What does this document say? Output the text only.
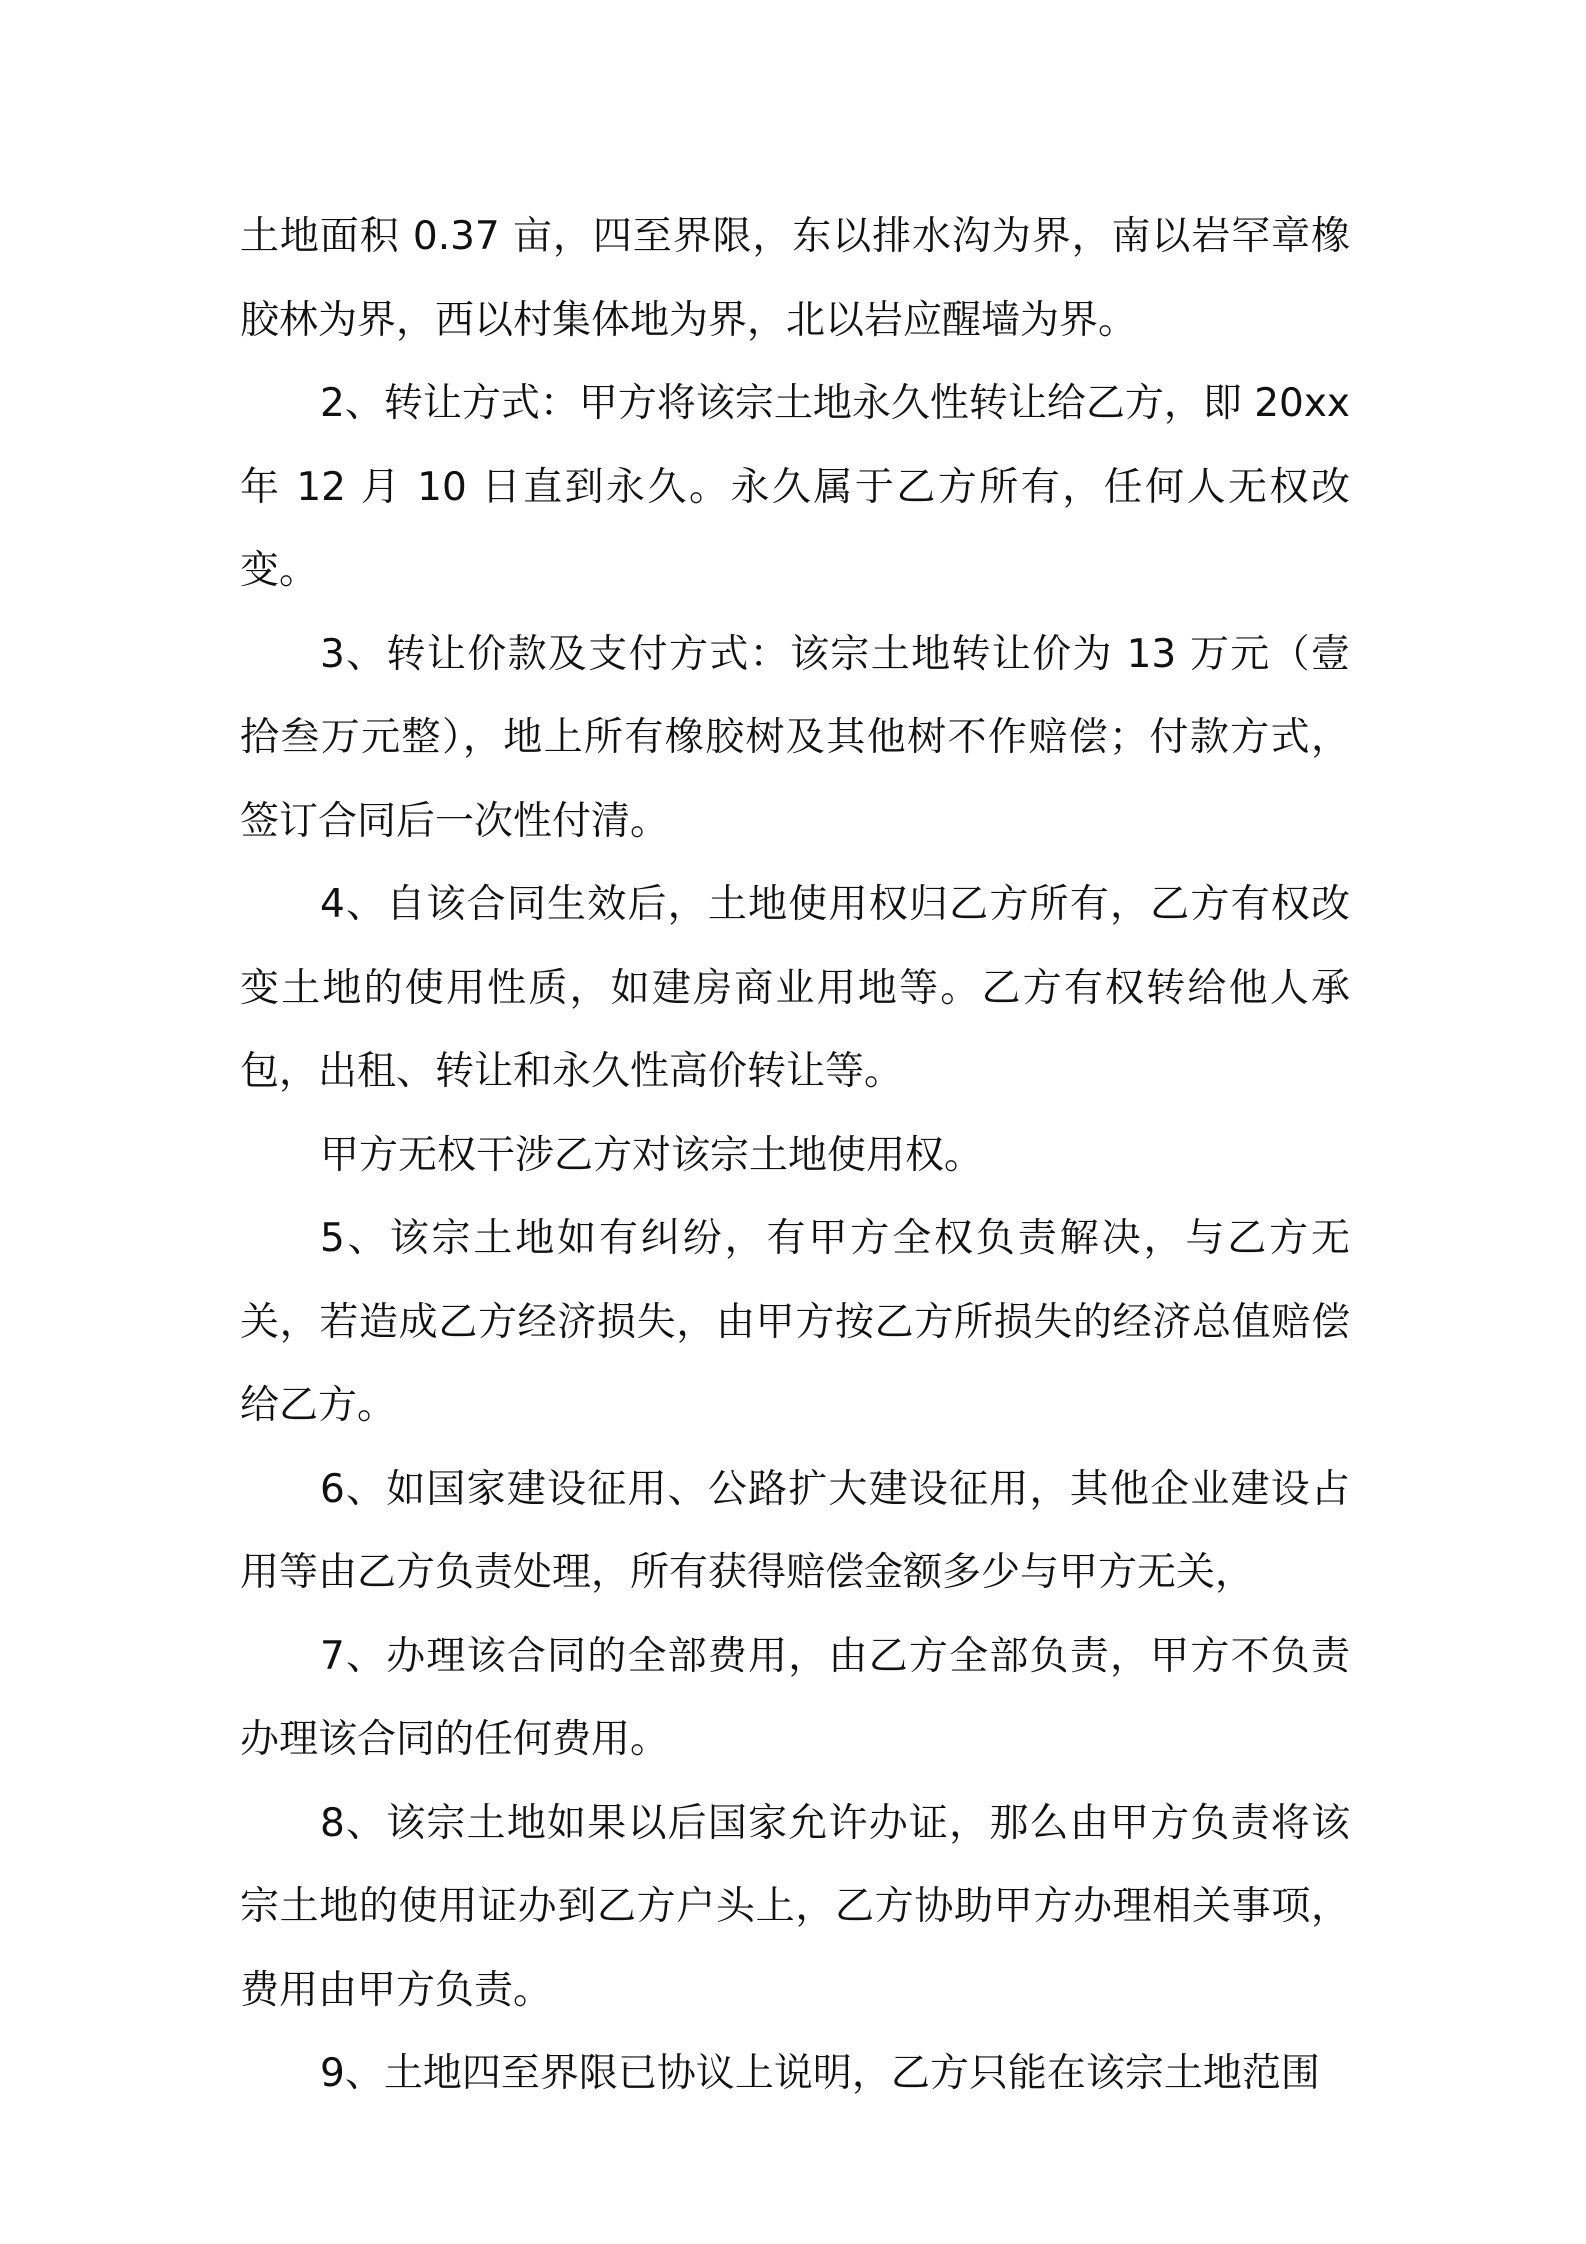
土地面积 0.37 亩，四至界限，东以排水沟为界，南以岩罕章橡胶林为界，西以村集体地为界，北以岩应醒墙为界。

2、转让方式：甲方将该宗土地永久性转让给乙方，即 20xx 年 12 月 10 日直到永久。永久属于乙方所有，任何人无权改变。

3、转让价款及支付方式：该宗土地转让价为 13 万元（壹拾叁万元整），地上所有橡胶树及其他树不作赔偿；付款方式，签订合同后一次性付清。

4、自该合同生效后，土地使用权归乙方所有，乙方有权改变土地的使用性质，如建房商业用地等。乙方有权转给他人承包，出租、转让和永久性高价转让等。

甲方无权干涉乙方对该宗土地使用权。

5、该宗土地如有纠纷，有甲方全权负责解决，与乙方无关，若造成乙方经济损失，由甲方按乙方所损失的经济总值赔偿给乙方。

6、如国家建设征用、公路扩大建设征用，其他企业建设占用等由乙方负责处理，所有获得赔偿金额多少与甲方无关，

7、办理该合同的全部费用，由乙方全部负责，甲方不负责办理该合同的任何费用。

8、该宗土地如果以后国家允许办证，那么由甲方负责将该宗土地的使用证办到乙方户头上，乙方协助甲方办理相关事项，费用由甲方负责。

9、土地四至界限已协议上说明，乙方只能在该宗土地范围
